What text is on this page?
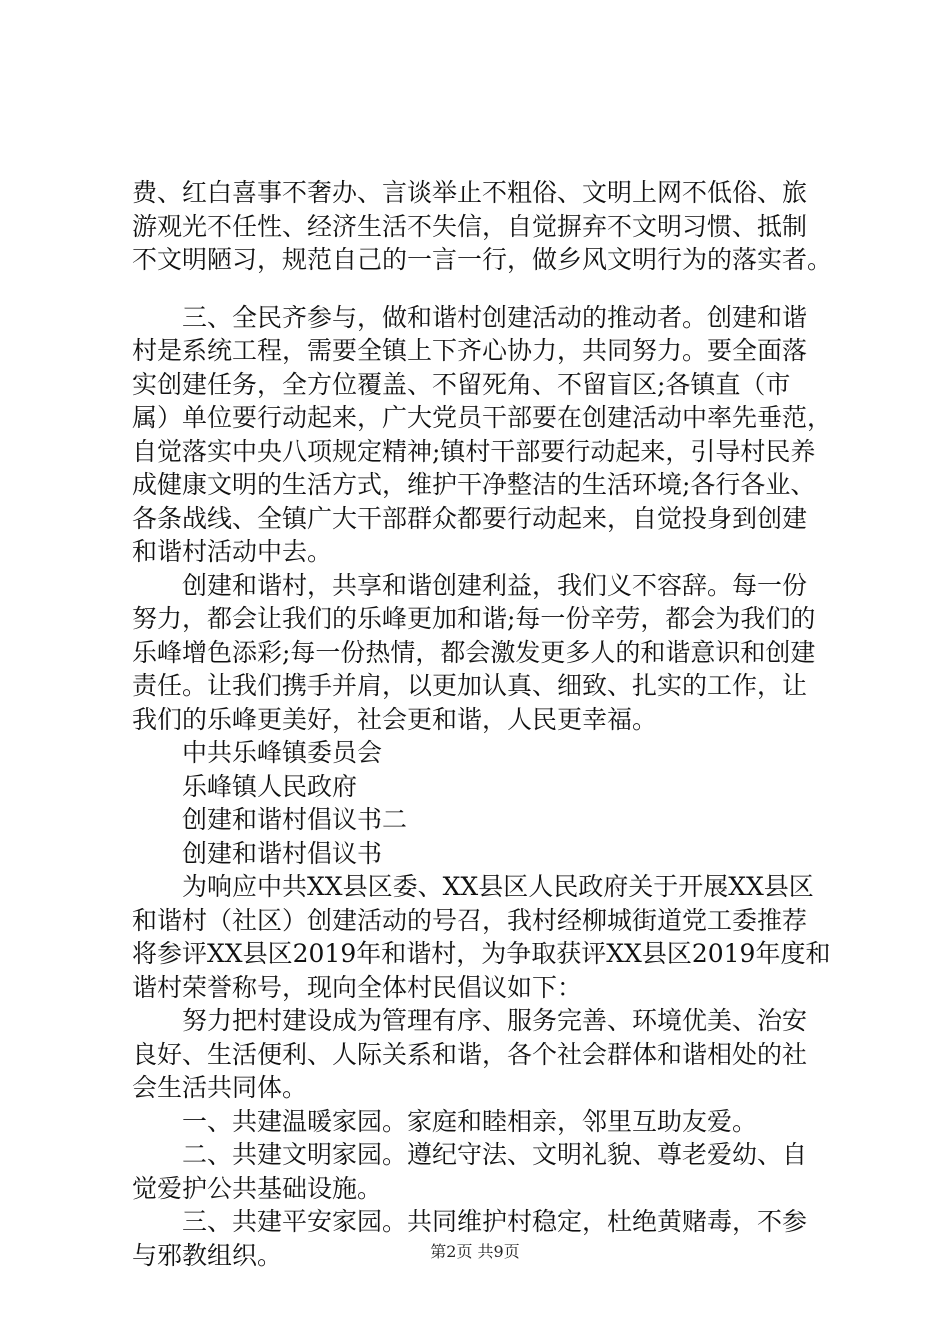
费、红白喜事不奢办、言谈举止不粗俗、文明上网不低俗、旅
游观光不任性、经济生活不失信，自觉摒弃不文明习惯、抵制
不文明陋习，规范自己的一言一行，做乡风文明行为的落实者。
　　三、全民齐参与，做和谐村创建活动的推动者。创建和谐
村是系统工程，需要全镇上下齐心协力，共同努力。要全面落
实创建任务，全方位覆盖、不留死角、不留盲区;各镇直（市
属）单位要行动起来，广大党员干部要在创建活动中率先垂范，
自觉落实中央八项规定精神;镇村干部要行动起来，引导村民养
成健康文明的生活方式，维护干净整洁的生活环境;各行各业、
各条战线、全镇广大干部群众都要行动起来，自觉投身到创建
和谐村活动中去。
　　创建和谐村，共享和谐创建利益，我们义不容辞。每一份
努力，都会让我们的乐峰更加和谐;每一份辛劳，都会为我们的
乐峰增色添彩;每一份热情，都会激发更多人的和谐意识和创建
责任。让我们携手并肩，以更加认真、细致、扎实的工作，让
我们的乐峰更美好，社会更和谐，人民更幸福。
　　中共乐峰镇委员会
　　乐峰镇人民政府
　　创建和谐村倡议书二
　　创建和谐村倡议书
　　为响应中共XX县区委、XX县区人民政府关于开展XX县区
和谐村（社区）创建活动的号召，我村经柳城街道党工委推荐
将参评XX县区2019年和谐村，为争取获评XX县区2019年度和
谐村荣誉称号，现向全体村民倡议如下：
　　努力把村建设成为管理有序、服务完善、环境优美、治安
良好、生活便利、人际关系和谐，各个社会群体和谐相处的社
会生活共同体。
　　一、共建温暖家园。家庭和睦相亲，邻里互助友爱。
　　二、共建文明家园。遵纪守法、文明礼貌、尊老爱幼、自
觉爱护公共基础设施。
　　三、共建平安家园。共同维护村稳定，杜绝黄赌毒，不参
与邪教组织。	第2页 共9页
